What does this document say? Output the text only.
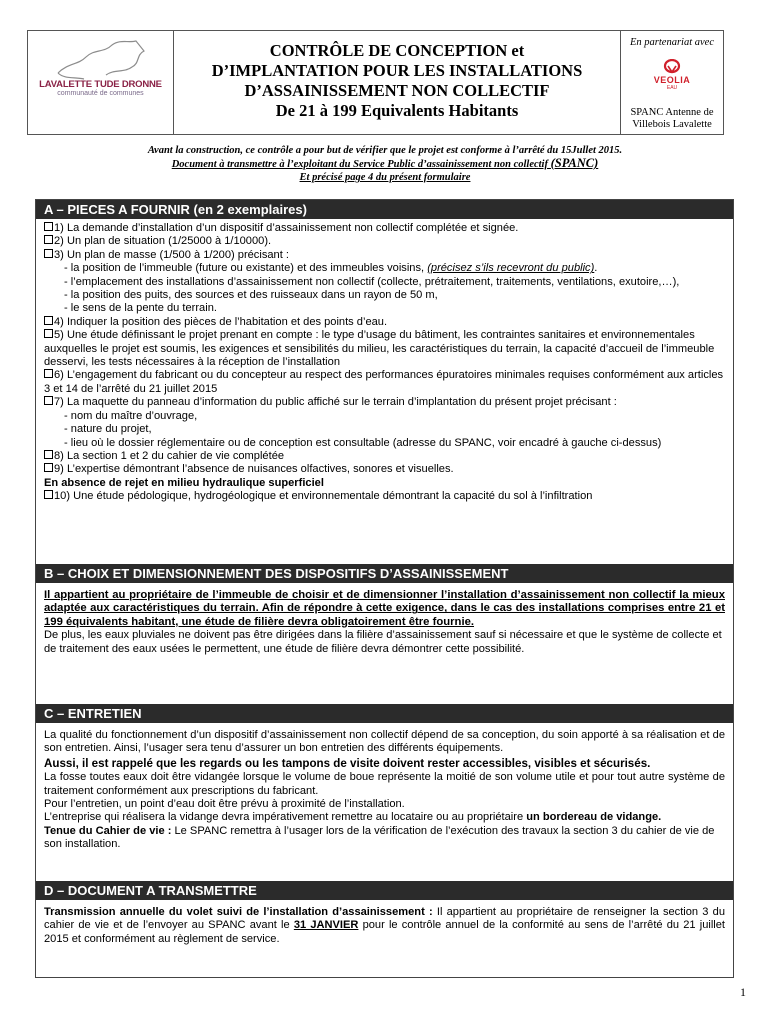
LAVALETTE TUDE DRONNE
communauté de communes
CONTRÔLE DE CONCEPTION et
D’IMPLANTATION POUR LES INSTALLATIONS
D’ASSAINISSEMENT NON COLLECTIF
De 21 à 199 Equivalents Habitants
En partenariat avec
VEOLIA
EAU
SPANC Antenne de
Villebois Lavalette
Avant la construction, ce contrôle a pour but de vérifier que le projet est conforme à l’arrêté du 15Jullet 2015.
Document à transmettre à l’exploitant du Service Public d’assainissement non collectif (SPANC)
Et précisé page 4 du présent formulaire
A – PIECES A FOURNIR (en 2 exemplaires)

1) La demande d’installation d’un dispositif d’assainissement non collectif complétée et signée.

2) Un plan de situation (1/25000 à 1/10000).

3) Un plan de masse (1/500 à 1/200) précisant :

- la position de l’immeuble (future ou existante) et des immeubles voisins, (précisez s’ils recevront du public).

- l’emplacement des installations d’assainissement non collectif (collecte, prétraitement, traitements, ventilations, exutoire,…),

- la position des puits, des sources et des ruisseaux dans un rayon de 50 m,

- le sens de la pente du terrain.

4) Indiquer la position des pièces de l’habitation et des points d’eau.

5) Une étude définissant le projet prenant en compte : le type d’usage du bâtiment, les contraintes sanitaires et environnementales auxquelles le projet est soumis, les exigences et sensibilités du milieu, les caractéristiques du terrain, la capacité d’accueil de l’immeuble desservi, les tests nécessaires à la réception de l’installation

6) L’engagement du fabricant ou du concepteur au respect des performances épuratoires minimales requises conformément aux articles 3 et 14 de l’arrêté du 21 juillet 2015

7) La maquette du panneau d’information du public affiché sur le terrain d’implantation du présent projet précisant :

- nom du maître d’ouvrage,

- nature du projet,

- lieu où le dossier réglementaire ou de conception est consultable (adresse du SPANC, voir encadré à gauche ci-dessus)

8) La section 1 et 2 du cahier de vie complétée

9) L’expertise démontrant l’absence de nuisances olfactives, sonores et visuelles.

En absence de rejet en milieu hydraulique superficiel

10) Une étude pédologique, hydrogéologique et environnementale démontrant la capacité du sol à l’infiltration

B – CHOIX ET DIMENSIONNEMENT DES DISPOSITIFS D’ASSAINISSEMENT

Il appartient au propriétaire de l’immeuble de choisir et de dimensionner l’installation d’assainissement non collectif la mieux adaptée aux caractéristiques du terrain. Afin de répondre à cette exigence, dans le cas des installations comprises entre 21 et 199 équivalents habitant, une étude de filière devra obligatoirement être fournie.

De plus, les eaux pluviales ne doivent pas être dirigées dans la filière d’assainissement sauf si nécessaire et que le système de collecte et de traitement des eaux usées le permettent, une étude de filière devra démontrer cette possibilité.

C – ENTRETIEN

La qualité du fonctionnement d’un dispositif d’assainissement non collectif dépend de sa conception, du soin apporté à sa réalisation et de son entretien. Ainsi, l’usager sera tenu d’assurer un bon entretien des différents équipements.

Aussi, il est rappelé que les regards ou les tampons de visite doivent rester accessibles, visibles et sécurisés.

La fosse toutes eaux doit être vidangée lorsque le volume de boue représente la moitié de son volume utile et pour tout autre système de traitement conformément aux prescriptions du fabricant.

Pour l’entretien, un point d’eau doit être prévu à proximité de l’installation.

L’entreprise qui réalisera la vidange devra impérativement remettre au locataire ou au propriétaire un bordereau de vidange.

Tenue du Cahier de vie : Le SPANC remettra à l’usager lors de la vérification de l’exécution des travaux la section 3 du cahier de vie de son installation.

D – DOCUMENT A TRANSMETTRE

Transmission annuelle du volet suivi de l’installation d’assainissement : Il appartient au propriétaire de renseigner la section 3 du cahier de vie et de l’envoyer au SPANC avant le 31 JANVIER pour le contrôle annuel de la conformité au sens de l’arrêté du 21 juillet 2015 et conformément au règlement de service.

1
